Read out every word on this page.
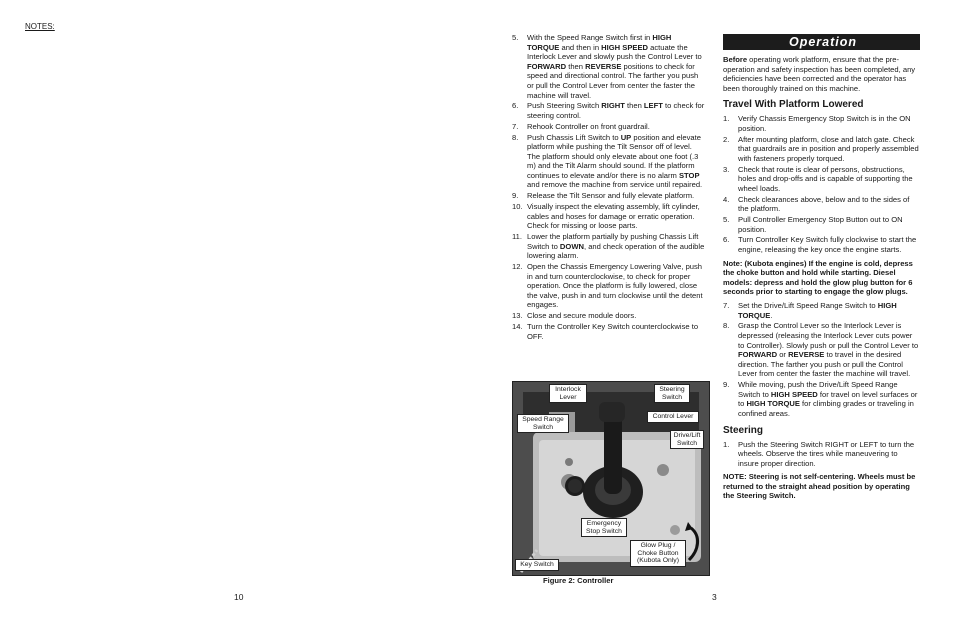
NOTES:
10
5. With the Speed Range Switch first in HIGH TORQUE and then in HIGH SPEED actuate the Interlock Lever and slowly push the Control Lever to FORWARD then REVERSE positions to check for speed and directional control. The farther you push or pull the Control Lever from center the faster the machine will travel.
6. Push Steering Switch RIGHT then LEFT to check for steering control.
7. Rehook Controller on front guardrail.
8. Push Chassis Lift Switch to UP position and elevate platform while pushing the Tilt Sensor off of level. The platform should only elevate about one foot (.3 m) and the Tilt Alarm should sound. If the platform continues to elevate and/or there is no alarm STOP and remove the machine from service until repaired.
9. Release the Tilt Sensor and fully elevate platform.
10. Visually inspect the elevating assembly, lift cylinder, cables and hoses for damage or erratic operation. Check for missing or loose parts.
11. Lower the platform partially by pushing Chassis Lift Switch to DOWN, and check operation of the audible lowering alarm.
12. Open the Chassis Emergency Lowering Valve, push in and turn counterclockwise, to check for proper operation. Once the platform is fully lowered, close the valve, push in and turn clockwise until the detent engages.
13. Close and secure module doors.
14. Turn the Controller Key Switch counterclockwise to OFF.
Interlock Lever
Steering Switch
Speed Range Switch
Control Lever
Drive/Lift Switch
Emergency Stop Switch
Glow Plug / Choke Button (Kubota Only)
Key Switch
Figure 2: Controller
3
Operation
Before operating work platform, ensure that the pre-operation and safety inspection has been completed, any deficiencies have been corrected and the operator has been thoroughly trained on this machine.
Travel With Platform Lowered
1. Verify Chassis Emergency Stop Switch is in the ON position.
2. After mounting platform, close and latch gate. Check that guardrails are in position and properly assembled with fasteners properly torqued.
3. Check that route is clear of persons, obstructions, holes and drop-offs and is capable of supporting the wheel loads.
4. Check clearances above, below and to the sides of the platform.
5. Pull Controller Emergency Stop Button out to ON position.
6. Turn Controller Key Switch fully clockwise to start the engine, releasing the key once the engine starts.
Note: (Kubota engines) If the engine is cold, depress the choke button and hold while starting. Diesel models: depress and hold the glow plug button for 6 seconds prior to starting to engage the glow plugs.
7. Set the Drive/Lift Speed Range Switch to HIGH TORQUE.
8. Grasp the Control Lever so the Interlock Lever is depressed (releasing the Interlock Lever cuts power to Controller). Slowly push or pull the Control Lever to FORWARD or REVERSE to travel in the desired direction. The farther you push or pull the Control Lever from center the faster the machine will travel.
9. While moving, push the Drive/Lift Speed Range Switch to HIGH SPEED for travel on level surfaces or to HIGH TORQUE for climbing grades or traveling in confined areas.
Steering
1. Push the Steering Switch RIGHT or LEFT to turn the wheels. Observe the tires while maneuvering to insure proper direction.
NOTE: Steering is not self-centering. Wheels must be returned to the straight ahead position by operating the Steering Switch.
